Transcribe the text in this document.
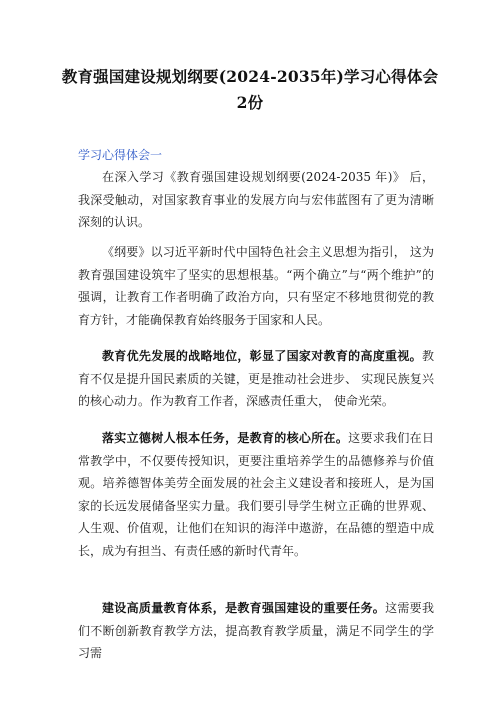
教育强国建设规划纲要(2024-2035年)学习心得体会
2份
学习心得体会一
在深入学习《教育强国建设规划纲要(2024-2035 年)》 后，我深受触动，对国家教育事业的发展方向与宏伟蓝图有了更为清晰深刻的认识。
《纲要》以习近平新时代中国特色社会主义思想为指引， 这为教育强国建设筑牢了坚实的思想根基。“两个确立”与“两个维护”的强调，让教育工作者明确了政治方向，只有坚定不移地贯彻党的教育方针，才能确保教育始终服务于国家和人民。
教育优先发展的战略地位，彰显了国家对教育的高度重视。教育不仅是提升国民素质的关键，更是推动社会进步、 实现民族复兴的核心动力。作为教育工作者，深感责任重大， 使命光荣。
落实立德树人根本任务，是教育的核心所在。这要求我们在日常教学中，不仅要传授知识，更要注重培养学生的品德修养与价值观。培养德智体美劳全面发展的社会主义建设者和接班人，是为国家的长远发展储备坚实力量。我们要引导学生树立正确的世界观、人生观、价值观，让他们在知识的海洋中遨游，在品德的塑造中成长，成为有担当、有责任感的新时代青年。
建设高质量教育体系，是教育强国建设的重要任务。这需要我们不断创新教育教学方法，提高教育教学质量，满足不同学生的学习需
